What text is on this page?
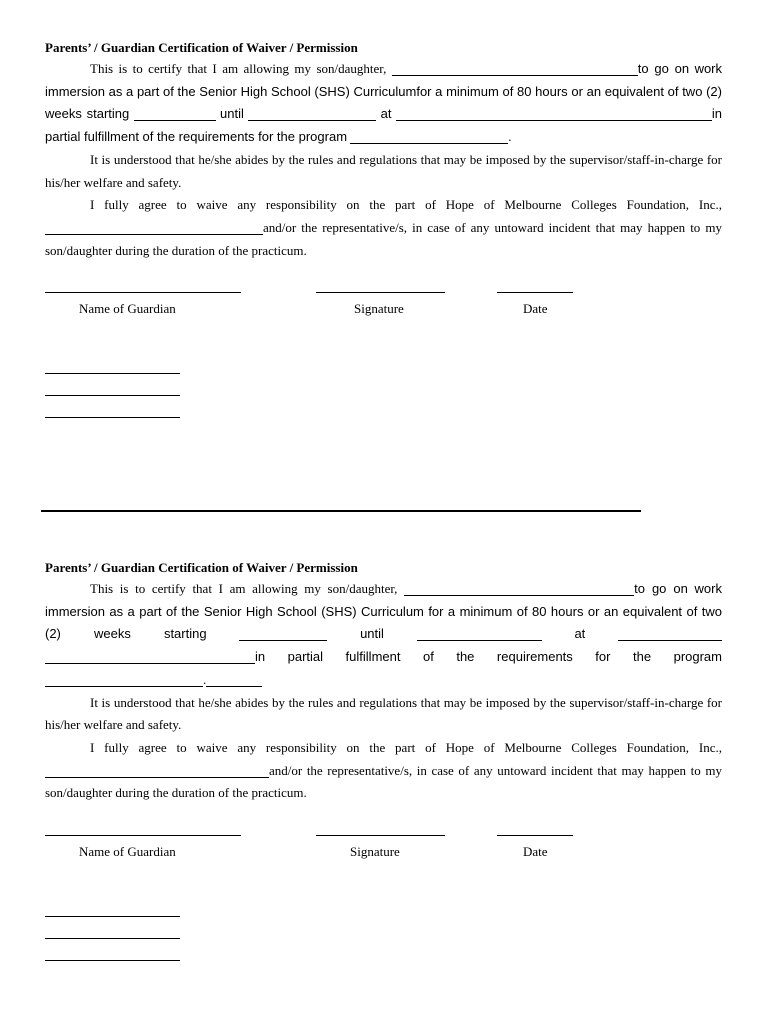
Parents’ / Guardian Certification of Waiver / Permission

This is to certify that I am allowing my son/daughter,	to go on work immersion as a part of the Senior High School (SHS) Curriculumfor a minimum of 80 hours or an equivalent of two (2) weeks starting	until	at	in partial fulfillment of the requirements for the program	.

It is understood that he/she abides by the rules and regulations that may be imposed by the supervisor/staff-in-charge for his/her welfare and safety.

I fully agree to waive any responsibility on the part of Hope of Melbourne Colleges Foundation, Inc., and/or the representative/s, in case of any untoward incident that may happen to my son/daughter during the duration of the practicum.

Name of Guardian	Signature	Date
Parents’ / Guardian Certification of Waiver / Permission

This is to certify that I am allowing my son/daughter,	to go on work immersion as a part of the Senior High School (SHS) Curriculum for a minimum of 80 hours or an equivalent of two (2) weeks starting	until	at  in partial fulfillment of the requirements for the program .

It is understood that he/she abides by the rules and regulations that may be imposed by the supervisor/staff-in-charge for his/her welfare and safety.

I fully agree to waive any responsibility on the part of Hope of Melbourne Colleges Foundation, Inc., and/or the representative/s, in case of any untoward incident that may happen to my son/daughter during the duration of the practicum.

Name of Guardian	Signature	Date
